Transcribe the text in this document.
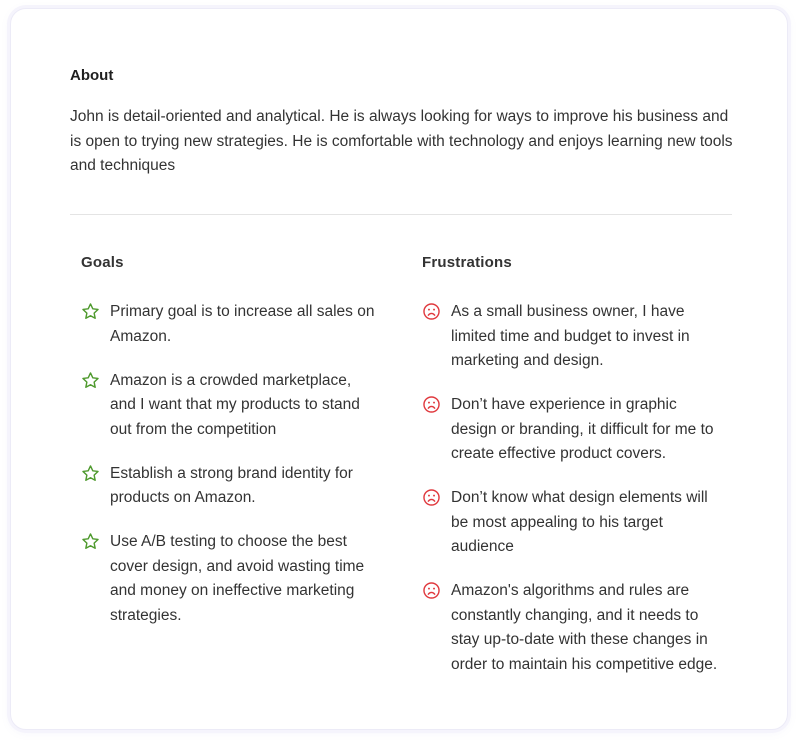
About

John is detail-oriented and analytical. He is always looking for ways to improve his business and is open to trying new strategies. He is comfortable with technology and enjoys learning new tools and techniques

Goals
Primary goal is to increase all sales on Amazon.
Amazon is a crowded marketplace, and I want that my products to stand out from the competition
Establish a strong brand identity for products on Amazon.
Use A/B testing to choose the best cover design, and avoid wasting time and money on ineffective marketing strategies.
Frustrations
As a small business owner, I have limited time and budget to invest in marketing and design.
Don’t have experience in graphic design or branding, it difficult for me to create effective product covers.
Don’t know what design elements will be most appealing to his target audience
Amazon's algorithms and rules are constantly changing, and it needs to stay up-to-date with these changes in order to maintain his competitive edge.
